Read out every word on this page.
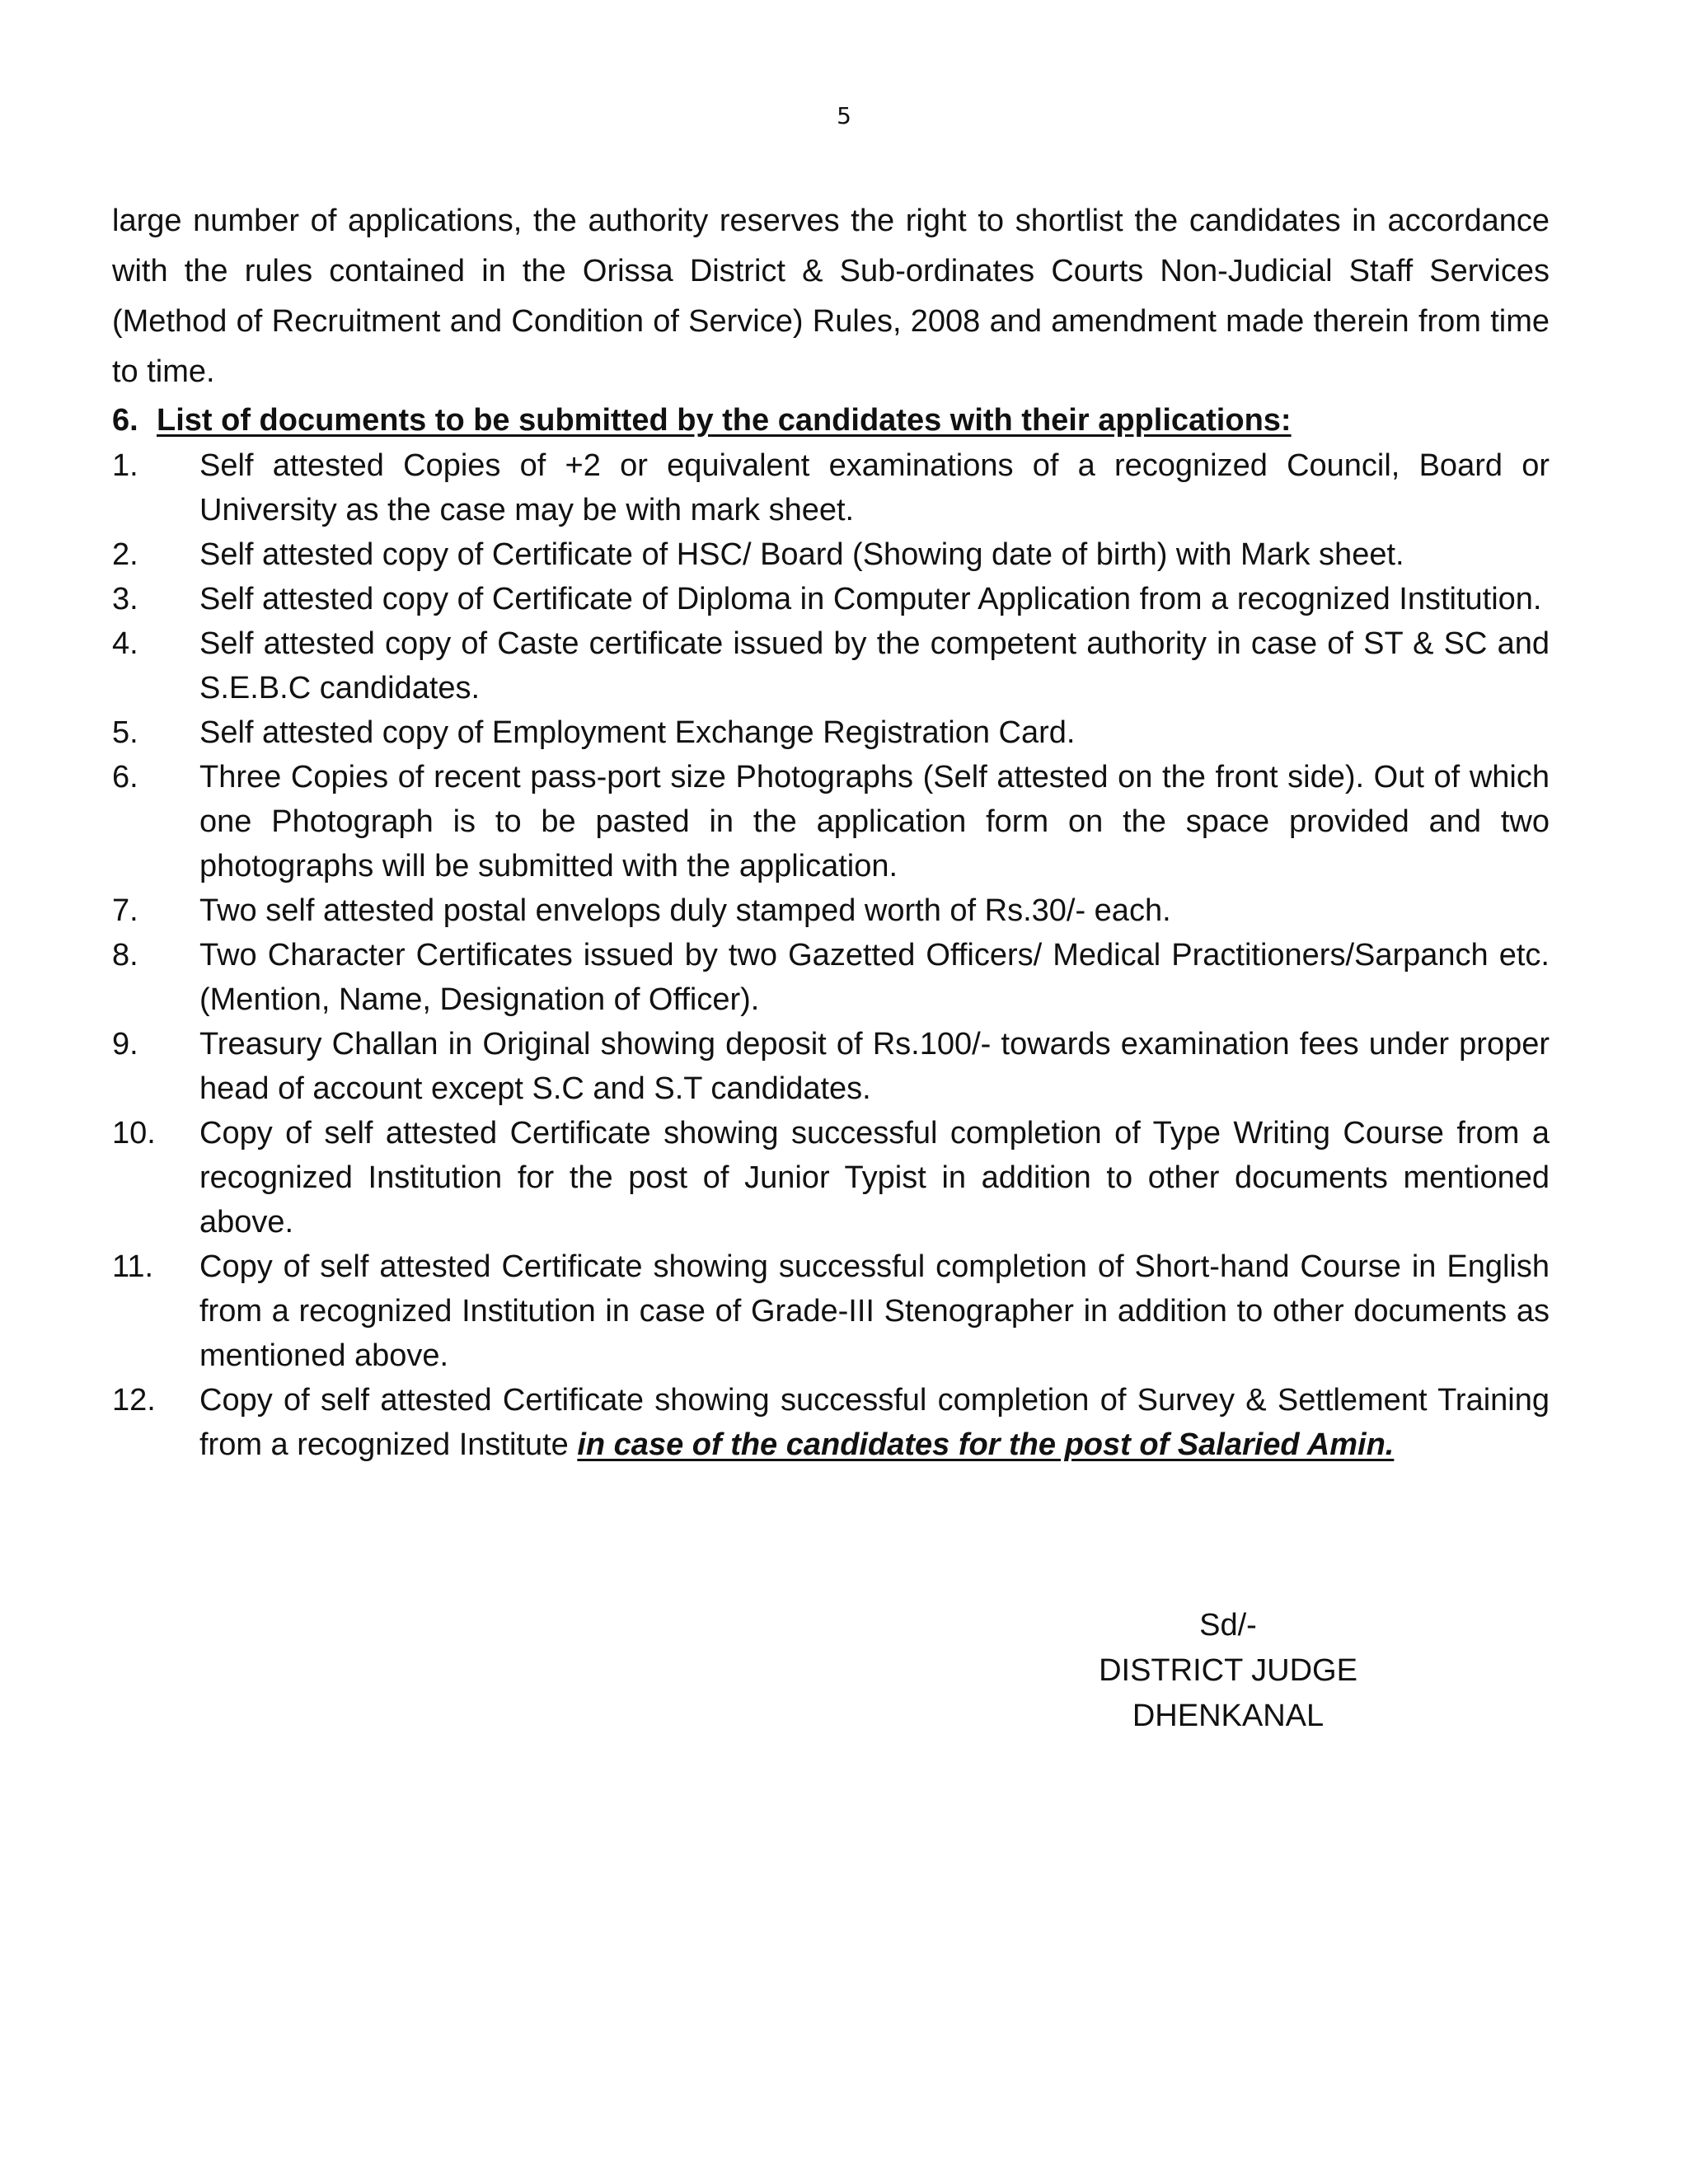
5

large number of applications, the authority reserves the right to shortlist the candidates in accordance with the rules contained in the Orissa District & Sub-ordinates Courts Non-Judicial Staff Services (Method of Recruitment and Condition of Service) Rules, 2008 and amendment made therein from time to time.

6. List of documents to be submitted by the candidates with their applications:

1. Self attested Copies of +2 or equivalent examinations of a recognized Council, Board or University as the case may be with mark sheet.
2. Self attested copy of Certificate of HSC/ Board (Showing date of birth) with Mark sheet.
3. Self attested copy of Certificate of Diploma in Computer Application from a recognized Institution.
4. Self attested copy of Caste certificate issued by the competent authority in case of ST & SC and S.E.B.C candidates.
5. Self attested copy of Employment Exchange Registration Card.
6. Three Copies of recent pass-port size Photographs (Self attested on the front side). Out of which one Photograph is to be pasted in the application form on the space provided and two photographs will be submitted with the application.
7. Two self attested postal envelops duly stamped worth of Rs.30/- each.
8. Two Character Certificates issued by two Gazetted Officers/ Medical Practitioners/Sarpanch etc. (Mention, Name, Designation of Officer).
9. Treasury Challan in Original showing deposit of Rs.100/- towards examination fees under proper head of account except S.C and S.T candidates.
10. Copy of self attested Certificate showing successful completion of Type Writing Course from a recognized Institution for the post of Junior Typist in addition to other documents mentioned above.
11. Copy of self attested Certificate showing successful completion of Short-hand Course in English from a recognized Institution in case of Grade-III Stenographer in addition to other documents as mentioned above.
12. Copy of self attested Certificate showing successful completion of Survey & Settlement Training from a recognized Institute in case of the candidates for the post of Salaried Amin.
Sd/-
DISTRICT JUDGE
DHENKANAL
